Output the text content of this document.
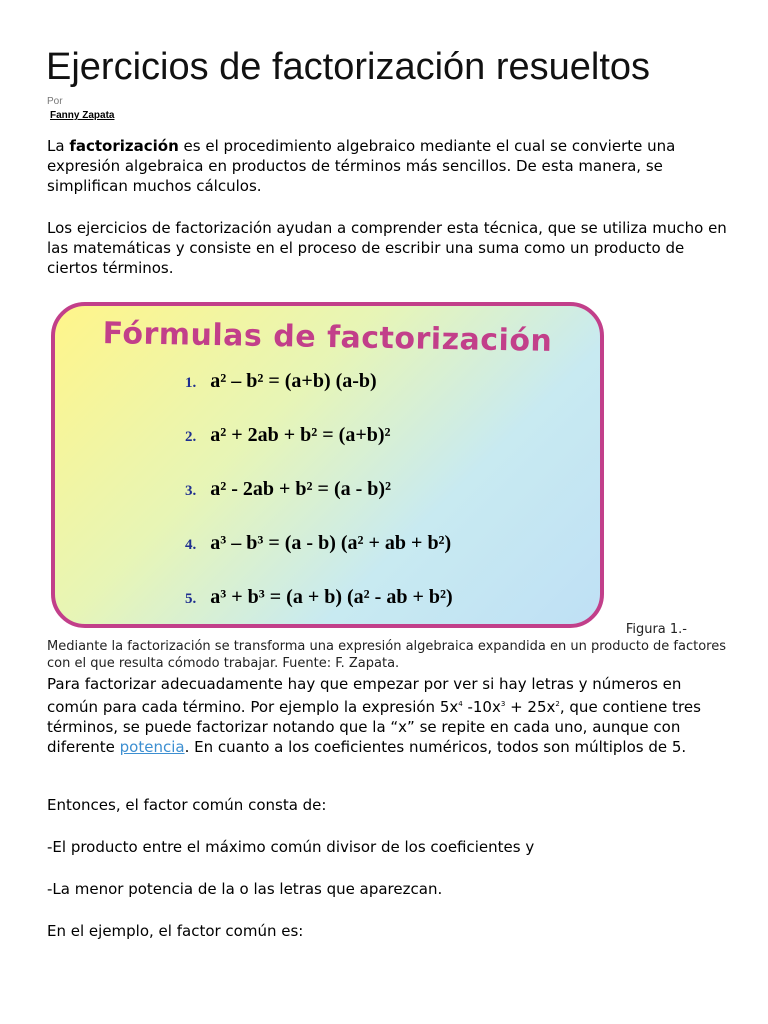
Ejercicios de factorización resueltos
Por
Fanny Zapata

La factorización es el procedimiento algebraico mediante el cual se convierte una expresión algebraica en productos de términos más sencillos. De esta manera, se simplifican muchos cálculos.

Los ejercicios de factorización ayudan a comprender esta técnica, que se utiliza mucho en las matemáticas y consiste en el proceso de escribir una suma como un producto de ciertos términos.

Fórmulas de factorización
1. a² – b² = (a+b) (a-b)
2. a² + 2ab + b² = (a+b)²
3. a² - 2ab + b² = (a - b)²
4. a³ – b³ = (a - b) (a² + ab + b²)
5. a³ + b³ = (a + b) (a² - ab + b²)

Figura 1.-
Mediante la factorización se transforma una expresión algebraica expandida en un producto de factores con el que resulta cómodo trabajar. Fuente: F. Zapata.

Para factorizar adecuadamente hay que empezar por ver si hay letras y números en común para cada término. Por ejemplo la expresión $5x^4$ $-10x^3 + 25x^2$, que contiene tres términos, se puede factorizar notando que la “x” se repite en cada uno, aunque con diferente potencia. En cuanto a los coeficientes numéricos, todos son múltiplos de 5.

Entonces, el factor común consta de:

-El producto entre el máximo común divisor de los coeficientes y

-La menor potencia de la o las letras que aparezcan.

En el ejemplo, el factor común es:
